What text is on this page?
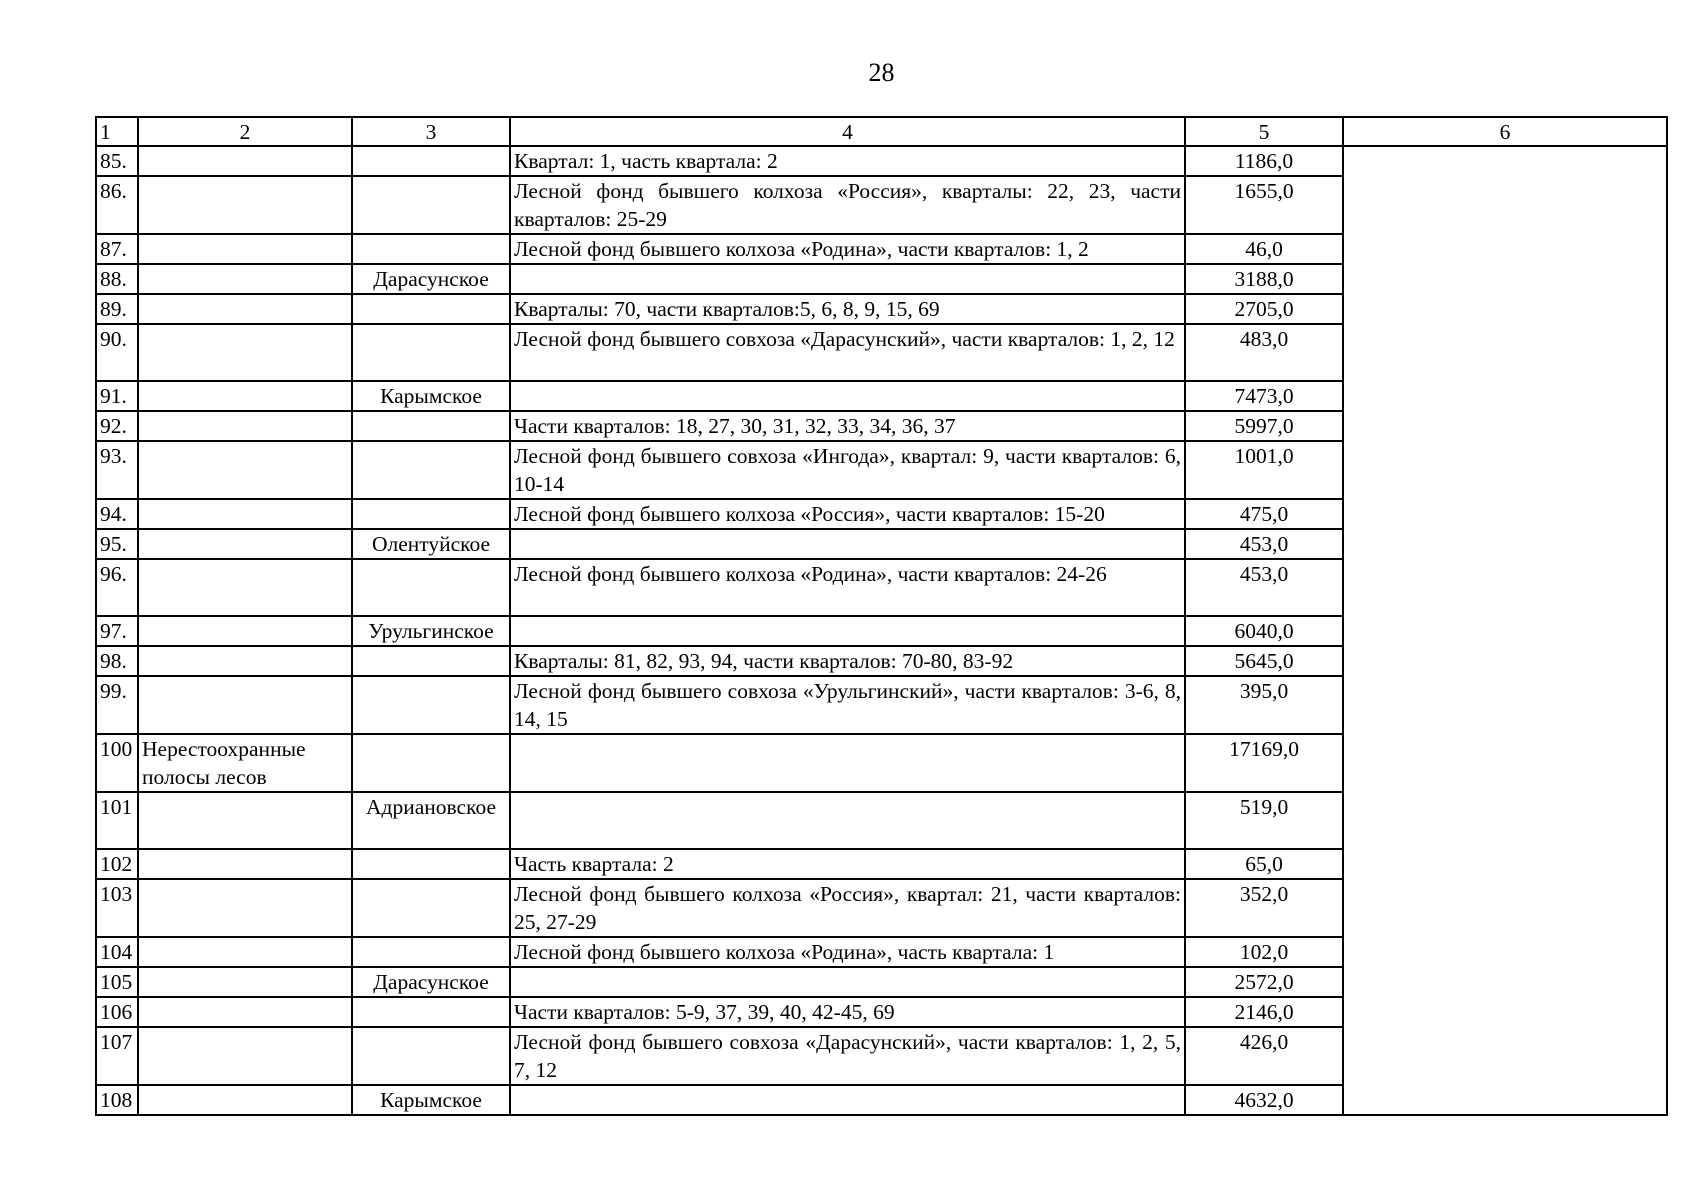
28
1	2	3	4	5	6
85.			Квартал: 1, часть квартала: 2	1186,0	
86.			Лесной фонд бывшего колхоза «Россия», кварталы: 22, 23, части кварталов: 25-29	1655,0	
87.			Лесной фонд бывшего колхоза «Родина», части кварталов: 1, 2	46,0	
88.		Дарасунское		3188,0	
89.			Кварталы: 70, части кварталов:5, 6, 8, 9, 15, 69	2705,0	
90.			Лесной фонд бывшего совхоза «Дарасунский», части кварталов: 1, 2, 12	483,0	
91.		Карымское		7473,0	
92.			Части кварталов: 18, 27, 30, 31, 32, 33, 34, 36, 37	5997,0	
93.			Лесной фонд бывшего совхоза «Ингода», квартал: 9, части кварталов: 6, 10-14	1001,0	
94.			Лесной фонд бывшего колхоза «Россия», части кварталов: 15-20	475,0	
95.		Олентуйское		453,0	
96.			Лесной фонд бывшего колхоза «Родина», части кварталов: 24-26	453,0	
97.		Урульгинское		6040,0	
98.			Кварталы: 81, 82, 93, 94, части кварталов: 70-80, 83-92	5645,0	
99.			Лесной фонд бывшего совхоза «Урульгинский», части кварталов: 3-6, 8, 14, 15	395,0	
100	Нерестоохранные полосы лесов			17169,0	
101		Адриановское		519,0	
102			Часть квартала: 2	65,0	
103			Лесной фонд бывшего колхоза «Россия», квартал: 21, части кварталов: 25, 27-29	352,0	
104			Лесной фонд бывшего колхоза «Родина», часть квартала: 1	102,0	
105		Дарасунское		2572,0	
106			Части кварталов: 5-9, 37, 39, 40, 42-45, 69	2146,0	
107			Лесной фонд бывшего совхоза «Дарасунский», части кварталов: 1, 2, 5, 7, 12	426,0	
108		Карымское		4632,0	
